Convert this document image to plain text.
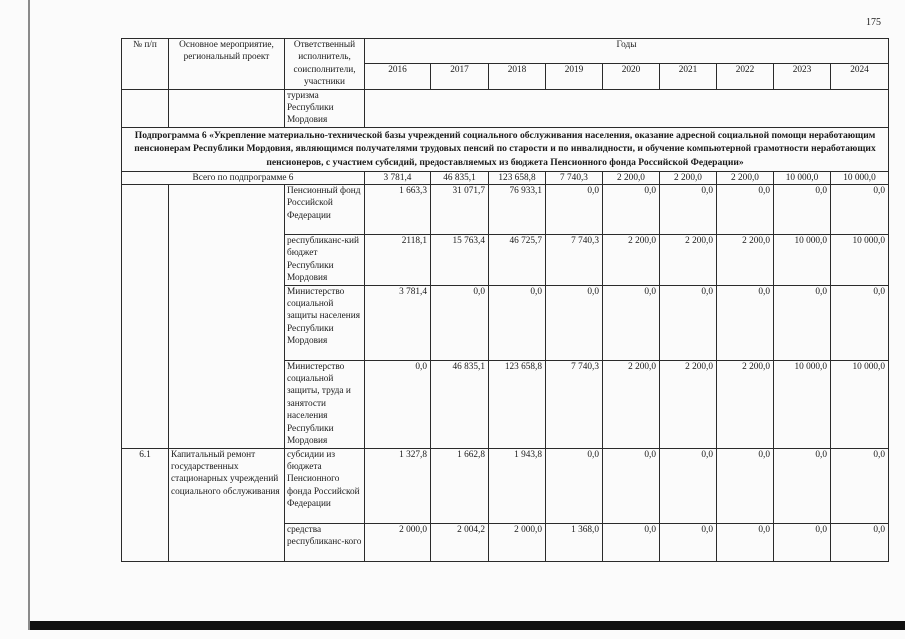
175
№ п/п	Основное мероприятие, региональный проект	Ответственный исполнитель, соисполнители, участники	Годы								
			2016	2017	2018	2019	2020	2021	2022	2023	2024
		туризма Республики Мордовия									
Подпрограмма 6 «Укрепление материально-технической базы учреждений социального обслуживания населения, оказание адресной социальной помощи неработающим пенсионерам Республики Мордовия, являющимся получателями трудовых пенсий по старости и по инвалидности, и обучение компьютерной грамотности неработающих пенсионеров, с участием субсидий, предоставляемых из бюджета Пенсионного фонда Российской Федерации»											
Всего по подпрограмме 6			3 781,4	46 835,1	123 658,8	7 740,3	2 200,0	2 200,0	2 200,0	10 000,0	10 000,0
		Пенсионный фонд Российской Федерации	1 663,3	31 071,7	76 933,1	0,0	0,0	0,0	0,0	0,0	0,0
		республиканс-кий бюджет Республики Мордовия	2118,1	15 763,4	46 725,7	7 740,3	2 200,0	2 200,0	2 200,0	10 000,0	10 000,0
		Министерство социальной защиты населения Республики Мордовия	3 781,4	0,0	0,0	0,0	0,0	0,0	0,0	0,0	0,0
		Министерство социальной защиты, труда и занятости населения Республики Мордовия	0,0	46 835,1	123 658,8	7 740,3	2 200,0	2 200,0	2 200,0	10 000,0	10 000,0
6.1	Капитальный ремонт государственных стационарных учреждений социального обслуживания	субсидии из бюджета Пенсионного фонда Российской Федерации	1 327,8	1 662,8	1 943,8	0,0	0,0	0,0	0,0	0,0	0,0
		средства республиканс-кого	2 000,0	2 004,2	2 000,0	1 368,0	0,0	0,0	0,0	0,0	0,0
